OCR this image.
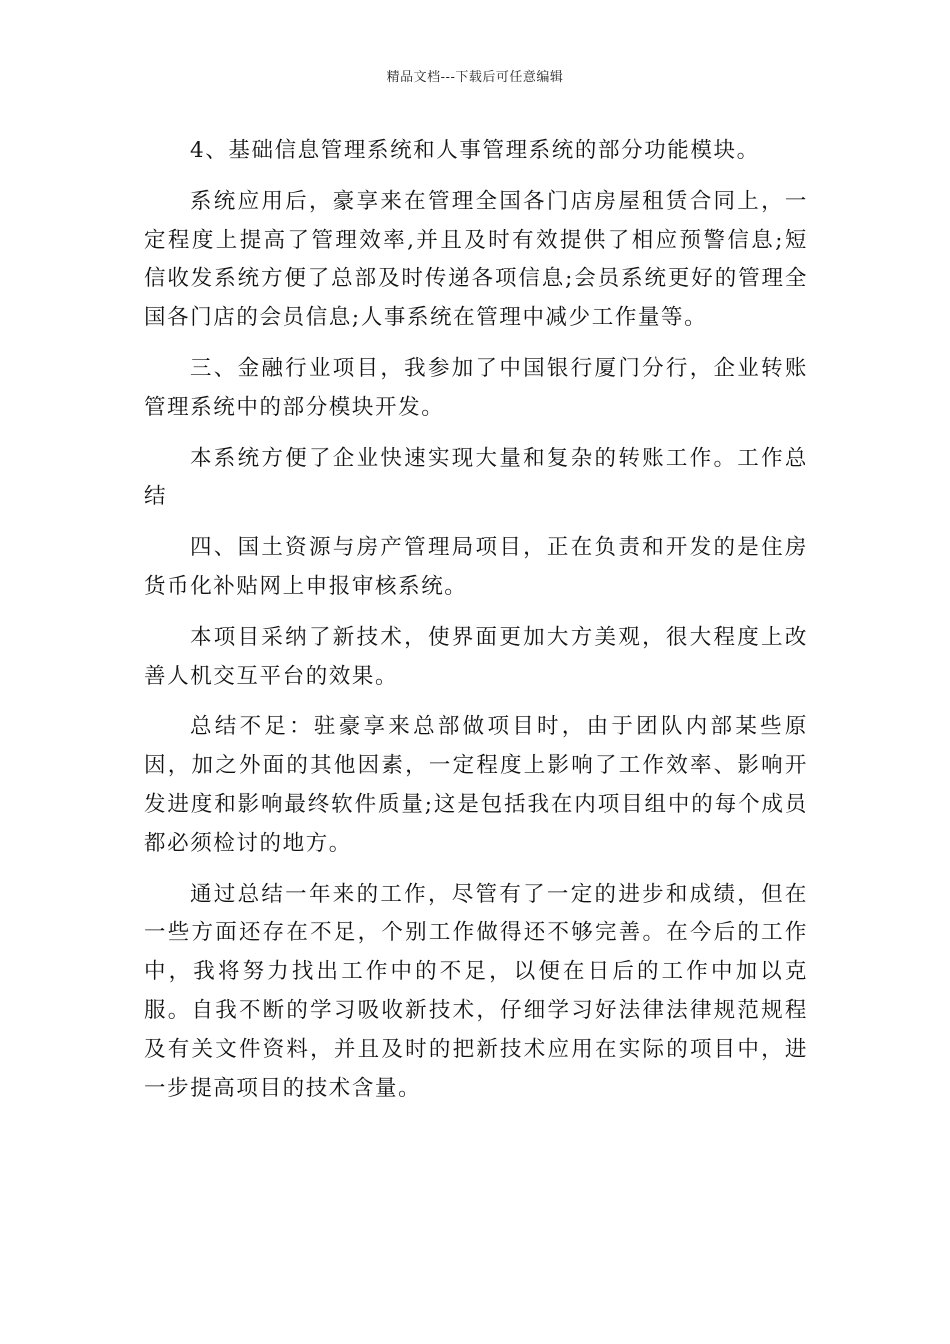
精品文档---下载后可任意编辑

4、基础信息管理系统和人事管理系统的部分功能模块。

系统应用后，豪享来在管理全国各门店房屋租赁合同上，一定程度上提高了管理效率,并且及时有效提供了相应预警信息;短信收发系统方便了总部及时传递各项信息;会员系统更好的管理全国各门店的会员信息;人事系统在管理中减少工作量等。

三、金融行业项目，我参加了中国银行厦门分行，企业转账管理系统中的部分模块开发。

本系统方便了企业快速实现大量和复杂的转账工作。工作总结

四、国土资源与房产管理局项目，正在负责和开发的是住房货币化补贴网上申报审核系统。

本项目采纳了新技术，使界面更加大方美观，很大程度上改善人机交互平台的效果。

总结不足：驻豪享来总部做项目时，由于团队内部某些原因，加之外面的其他因素，一定程度上影响了工作效率、影响开发进度和影响最终软件质量;这是包括我在内项目组中的每个成员都必须检讨的地方。

通过总结一年来的工作，尽管有了一定的进步和成绩，但在一些方面还存在不足，个别工作做得还不够完善。在今后的工作中，我将努力找出工作中的不足，以便在日后的工作中加以克服。自我不断的学习吸收新技术，仔细学习好法律法律规范规程及有关文件资料，并且及时的把新技术应用在实际的项目中，进一步提高项目的技术含量。
